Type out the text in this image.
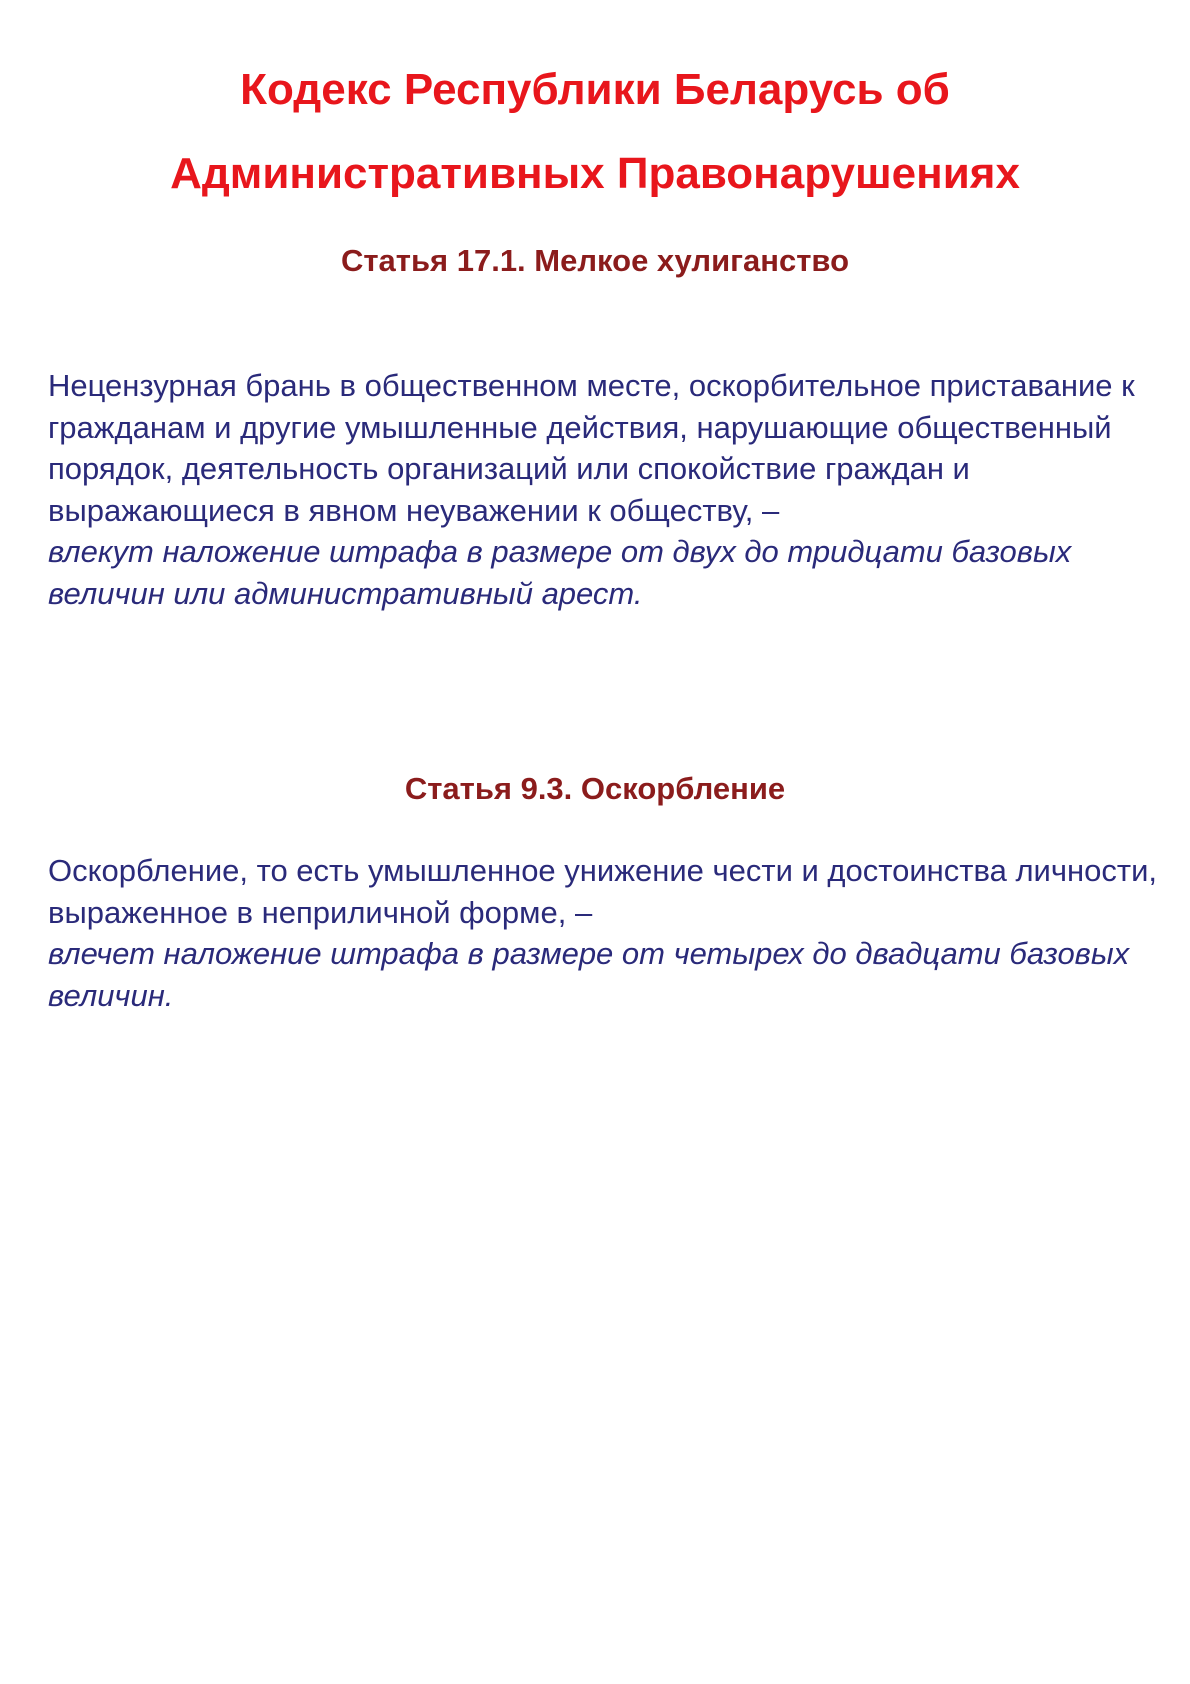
Кодекс Республики Беларусь об
Административных Правонарушениях
Статья 17.1. Мелкое хулиганство

Нецензурная брань в общественном месте, оскорбительное приставание к гражданам и другие умышленные действия, нарушающие общественный порядок, деятельность организаций или спокойствие граждан и выражающиеся в явном неуважении к обществу, –
влекут наложение штрафа в размере от двух до тридцати базовых величин или административный арест.

Статья 9.3. Оскорбление

Оскорбление, то есть умышленное унижение чести и достоинства личности, выраженное в неприличной форме, –
влечет наложение штрафа в размере от четырех до двадцати базовых величин.
